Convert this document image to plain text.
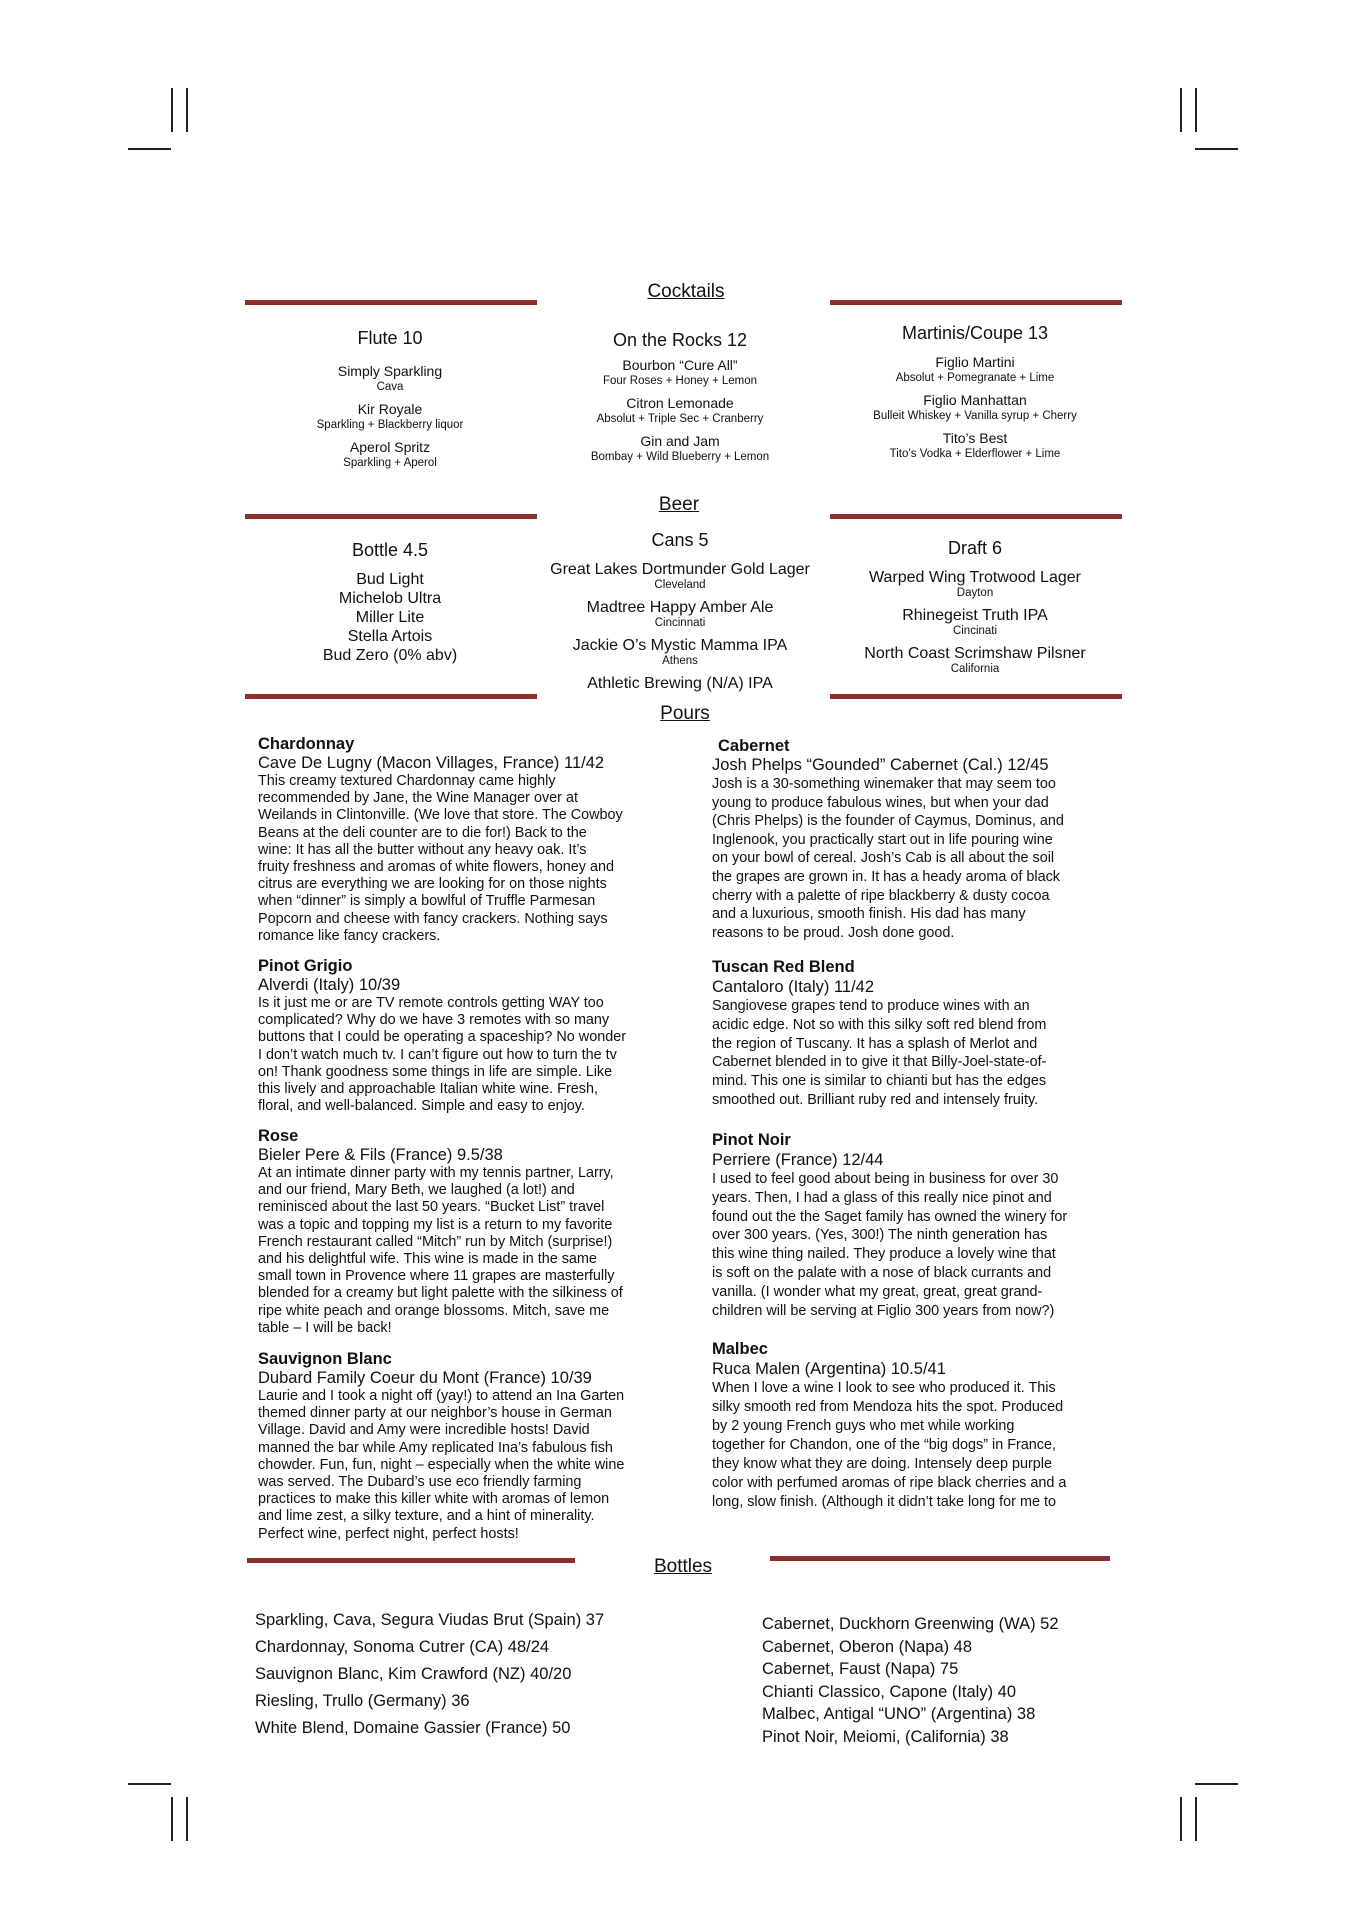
Cocktails
Beer
Pours
Bottles
Flute 10
Simply Sparkling
Cava
Kir Royale
Sparkling + Blackberry liquor
Aperol Spritz
Sparkling + Aperol
On the Rocks 12
Bourbon “Cure All”
Four Roses + Honey + Lemon
Citron Lemonade
Absolut + Triple Sec + Cranberry
Gin and Jam
Bombay + Wild Blueberry + Lemon
Martinis/Coupe 13
Figlio Martini
Absolut + Pomegranate + Lime
Figlio Manhattan
Bulleit Whiskey + Vanilla syrup + Cherry
Tito’s Best
Tito’s Vodka + Elderflower + Lime
Bottle 4.5
Bud Light
Michelob Ultra
Miller Lite
Stella Artois
Bud Zero (0% abv)
Cans 5
Great Lakes Dortmunder Gold Lager
Cleveland
Madtree Happy Amber Ale
Cincinnati
Jackie O’s Mystic Mamma IPA
Athens
Athletic Brewing (N/A) IPA
Draft 6
Warped Wing Trotwood Lager
Dayton
Rhinegeist Truth IPA
Cincinati
North Coast Scrimshaw Pilsner
California
Chardonnay
Cave De Lugny (Macon Villages, France) 11/42
This creamy textured Chardonnay came highly
recommended by Jane, the Wine Manager over at
Weilands in Clintonville. (We love that store. The Cowboy
Beans at the deli counter are to die for!) Back to the
wine: It has all the butter without any heavy oak. It’s
fruity freshness and aromas of white flowers, honey and
citrus are everything we are looking for on those nights
when “dinner” is simply a bowlful of Truffle Parmesan
Popcorn and cheese with fancy crackers. Nothing says
romance like fancy crackers.
Pinot Grigio
Alverdi (Italy) 10/39
Is it just me or are TV remote controls getting WAY too
complicated? Why do we have 3 remotes with so many
buttons that I could be operating a spaceship? No wonder
I don’t watch much tv. I can’t figure out how to turn the tv
on! Thank goodness some things in life are simple. Like
this lively and approachable Italian white wine. Fresh,
floral, and well-balanced. Simple and easy to enjoy.
Rose
Bieler Pere & Fils (France) 9.5/38
At an intimate dinner party with my tennis partner, Larry,
and our friend, Mary Beth, we laughed (a lot!) and
reminisced about the last 50 years. “Bucket List” travel
was a topic and topping my list is a return to my favorite
French restaurant called “Mitch” run by Mitch (surprise!)
and his delightful wife. This wine is made in the same
small town in Provence where 11 grapes are masterfully
blended for a creamy but light palette with the silkiness of
ripe white peach and orange blossoms. Mitch, save me
table – I will be back!
Sauvignon Blanc
Dubard Family Coeur du Mont (France) 10/39
Laurie and I took a night off (yay!) to attend an Ina Garten
themed dinner party at our neighbor’s house in German
Village. David and Amy were incredible hosts! David
manned the bar while Amy replicated Ina’s fabulous fish
chowder. Fun, fun, night – especially when the white wine
was served. The Dubard’s use eco friendly farming
practices to make this killer white with aromas of lemon
and lime zest, a silky texture, and a hint of minerality.
Perfect wine, perfect night, perfect hosts!
Cabernet
Josh Phelps “Gounded” Cabernet (Cal.) 12/45
Josh is a 30-something winemaker that may seem too
young to produce fabulous wines, but when your dad
(Chris Phelps) is the founder of Caymus, Dominus, and
Inglenook, you practically start out in life pouring wine
on your bowl of cereal. Josh’s Cab is all about the soil
the grapes are grown in. It has a heady aroma of black
cherry with a palette of ripe blackberry & dusty cocoa
and a luxurious, smooth finish. His dad has many
reasons to be proud. Josh done good.
Tuscan Red Blend
Cantaloro (Italy) 11/42
Sangiovese grapes tend to produce wines with an
acidic edge. Not so with this silky soft red blend from
the region of Tuscany. It has a splash of Merlot and
Cabernet blended in to give it that Billy-Joel-state-of-
mind. This one is similar to chianti but has the edges
smoothed out. Brilliant ruby red and intensely fruity.
Pinot Noir
Perriere (France) 12/44
I used to feel good about being in business for over 30
years. Then, I had a glass of this really nice pinot and
found out the the Saget family has owned the winery for
over 300 years. (Yes, 300!) The ninth generation has
this wine thing nailed. They produce a lovely wine that
is soft on the palate with a nose of black currants and
vanilla. (I wonder what my great, great, great grand-
children will be serving at Figlio 300 years from now?)
Malbec
Ruca Malen (Argentina) 10.5/41
When I love a wine I look to see who produced it. This
silky smooth red from Mendoza hits the spot. Produced
by 2 young French guys who met while working
together for Chandon, one of the “big dogs” in France,
they know what they are doing. Intensely deep purple
color with perfumed aromas of ripe black cherries and a
long, slow finish. (Although it didn’t take long for me to
Sparkling, Cava, Segura Viudas Brut (Spain) 37
Chardonnay, Sonoma Cutrer (CA) 48/24
Sauvignon Blanc, Kim Crawford (NZ) 40/20
Riesling, Trullo (Germany) 36
White Blend, Domaine Gassier (France) 50
Cabernet, Duckhorn Greenwing (WA) 52
Cabernet, Oberon (Napa) 48
Cabernet, Faust (Napa) 75
Chianti Classico, Capone (Italy) 40
Malbec, Antigal “UNO” (Argentina) 38
Pinot Noir, Meiomi, (California) 38
